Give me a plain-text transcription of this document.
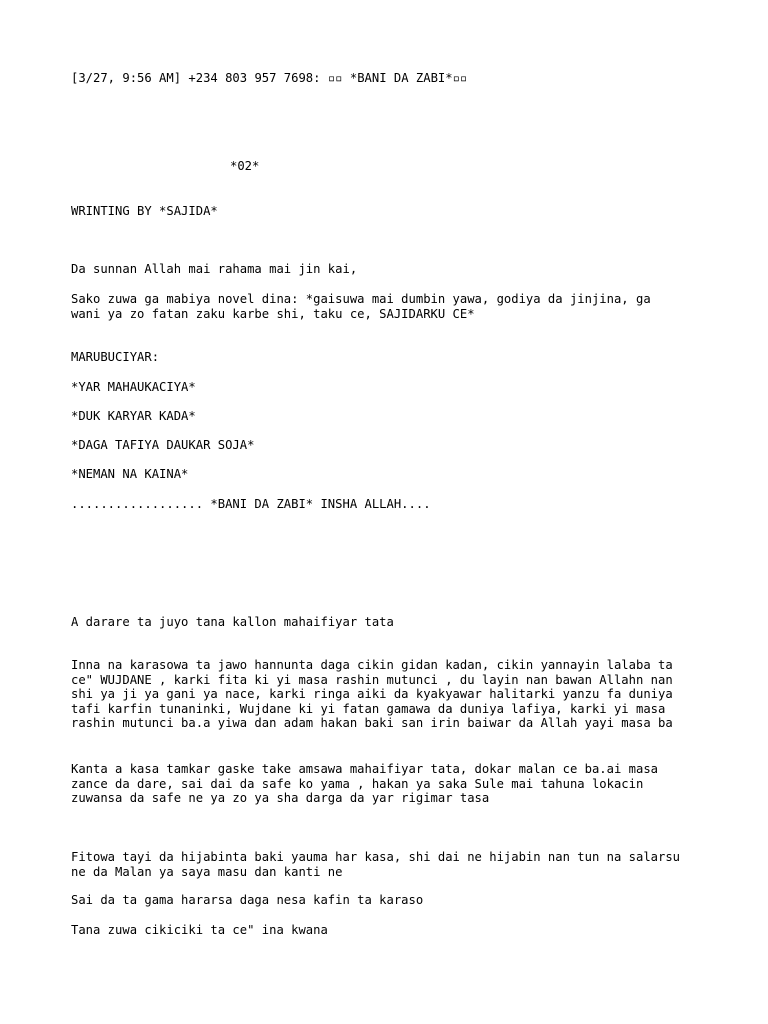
[3/27, 9:56 AM] +234 803 957 7698: ▫▫ *BANI DA ZABI*▫▫
*02*
WRINTING BY *SAJIDA*
Da sunnan Allah mai rahama mai jin kai,
Sako zuwa ga mabiya novel dina: *gaisuwa mai dumbin yawa, godiya da jinjina, ga
wani ya zo fatan zaku karbe shi, taku ce, SAJIDARKU CE*
MARUBUCIYAR:
*YAR MAHAUKACIYA*
*DUK KARYAR KADA*
*DAGA TAFIYA DAUKAR SOJA*
*NEMAN NA KAINA*
.................. *BANI DA ZABI* INSHA ALLAH....
A darare ta juyo tana kallon mahaifiyar tata
Inna na karasowa ta jawo hannunta daga cikin gidan kadan, cikin yannayin lalaba ta
ce" WUJDANE , karki fita ki yi masa rashin mutunci , du layin nan bawan Allahn nan
shi ya ji ya gani ya nace, karki ringa aiki da kyakyawar halitarki yanzu fa duniya
tafi karfin tunaninki, Wujdane ki yi fatan gamawa da duniya lafiya, karki yi masa
rashin mutunci ba.a yiwa dan adam hakan baki san irin baiwar da Allah yayi masa ba
Kanta a kasa tamkar gaske take amsawa mahaifiyar tata, dokar malan ce ba.ai masa
zance da dare, sai dai da safe ko yama , hakan ya saka Sule mai tahuna lokacin
zuwansa da safe ne ya zo ya sha darga da yar rigimar tasa
Fitowa tayi da hijabinta baki yauma har kasa, shi dai ne hijabin nan tun na salarsu
ne da Malan ya saya masu dan kanti ne
Sai da ta gama hararsa daga nesa kafin ta karaso
Tana zuwa cikiciki ta ce" ina kwana
